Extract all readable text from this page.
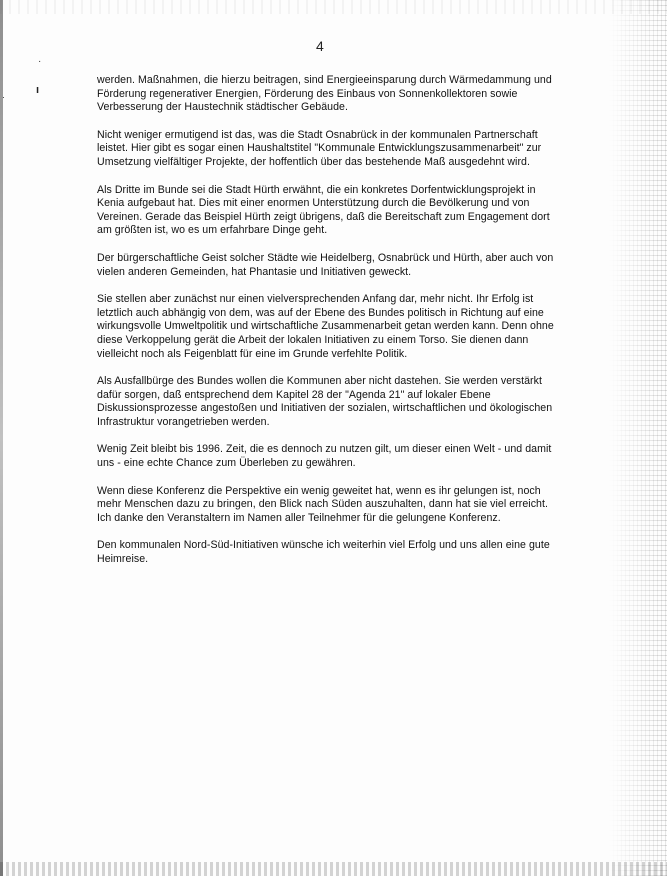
·
ı
·
4

werden. Maßnahmen, die hierzu beitragen, sind Energieeinsparung durch Wärmedammung und Förderung regenerativer Energien, Förderung des Einbaus von Sonnenkollektoren sowie Verbesserung der Haustechnik städtischer Gebäude.

Nicht weniger ermutigend ist das, was die Stadt Osnabrück in der kommunalen Partnerschaft leistet. Hier gibt es sogar einen Haushaltstitel "Kommunale Entwicklungszusammenarbeit" zur Umsetzung vielfältiger Projekte, der hoffentlich über das bestehende Maß ausgedehnt wird.

Als Dritte im Bunde sei die Stadt Hürth erwähnt, die ein konkretes Dorfentwicklungsprojekt in Kenia aufgebaut hat. Dies mit einer enormen Unterstützung durch die Bevölkerung und von Vereinen. Gerade das Beispiel Hürth zeigt übrigens, daß die Bereitschaft zum Engagement dort am größten ist, wo es um erfahrbare Dinge geht.

Der bürgerschaftliche Geist solcher Städte wie Heidelberg, Osnabrück und Hürth, aber auch von vielen anderen Gemeinden, hat Phantasie und Initiativen geweckt.

Sie stellen aber zunächst nur einen vielversprechenden Anfang dar, mehr nicht. Ihr Erfolg ist letztlich auch abhängig von dem, was auf der Ebene des Bundes politisch in Richtung auf eine wirkungsvolle Umweltpolitik und wirtschaftliche Zusammenarbeit getan werden kann. Denn ohne diese Verkoppelung gerät die Arbeit der lokalen Initiativen zu einem Torso. Sie dienen dann vielleicht noch als Feigenblatt für eine im Grunde verfehlte Politik.

Als Ausfallbürge des Bundes wollen die Kommunen aber nicht dastehen. Sie werden verstärkt dafür sorgen, daß entsprechend dem Kapitel 28 der "Agenda 21" auf lokaler Ebene Diskussionsprozesse angestoßen und Initiativen der sozialen, wirtschaftlichen und ökologischen Infrastruktur vorangetrieben werden.

Wenig Zeit bleibt bis 1996. Zeit, die es dennoch zu nutzen gilt, um dieser einen Welt - und damit uns - eine echte Chance zum Überleben zu gewähren.

Wenn diese Konferenz die Perspektive ein wenig geweitet hat, wenn es ihr gelungen ist, noch mehr Menschen dazu zu bringen, den Blick nach Süden auszuhalten, dann hat sie viel erreicht. Ich danke den Veranstaltern im Namen aller Teilnehmer für die gelungene Konferenz.

Den kommunalen Nord-Süd-Initiativen wünsche ich weiterhin viel Erfolg und uns allen eine gute Heimreise.
